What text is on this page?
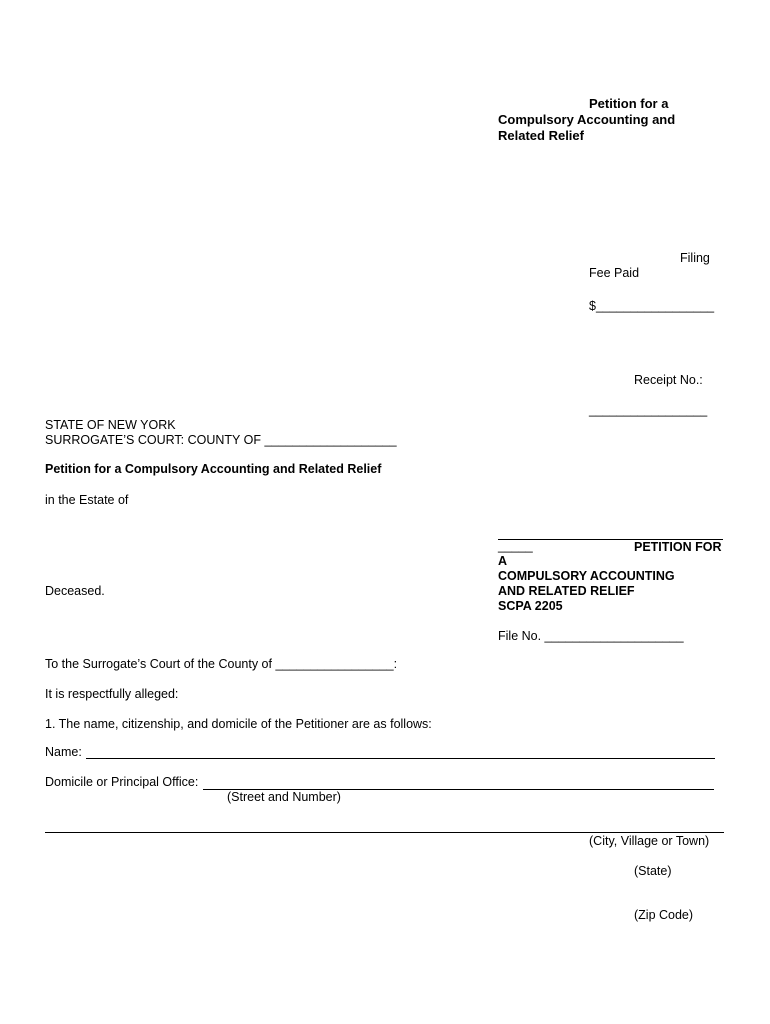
Petition for a
Compulsory Accounting and
Related Relief
Filing
Fee Paid
$_________________
Receipt No.:
_________________
STATE OF NEW YORK
SURROGATE’S COURT: COUNTY OF ___________________
Petition for a Compulsory Accounting and Related Relief
in the Estate of
_____	PETITION FOR
A
COMPULSORY ACCOUNTING
AND RELATED RELIEF
SCPA 2205
File No. ____________________
Deceased.
To the Surrogate’s Court of the County of _________________:
It is respectfully alleged:
1. The name, citizenship, and domicile of the Petitioner are as follows:
Name:
Domicile or Principal Office:
(Street and Number)
(City, Village or Town)
(State)
(Zip Code)
